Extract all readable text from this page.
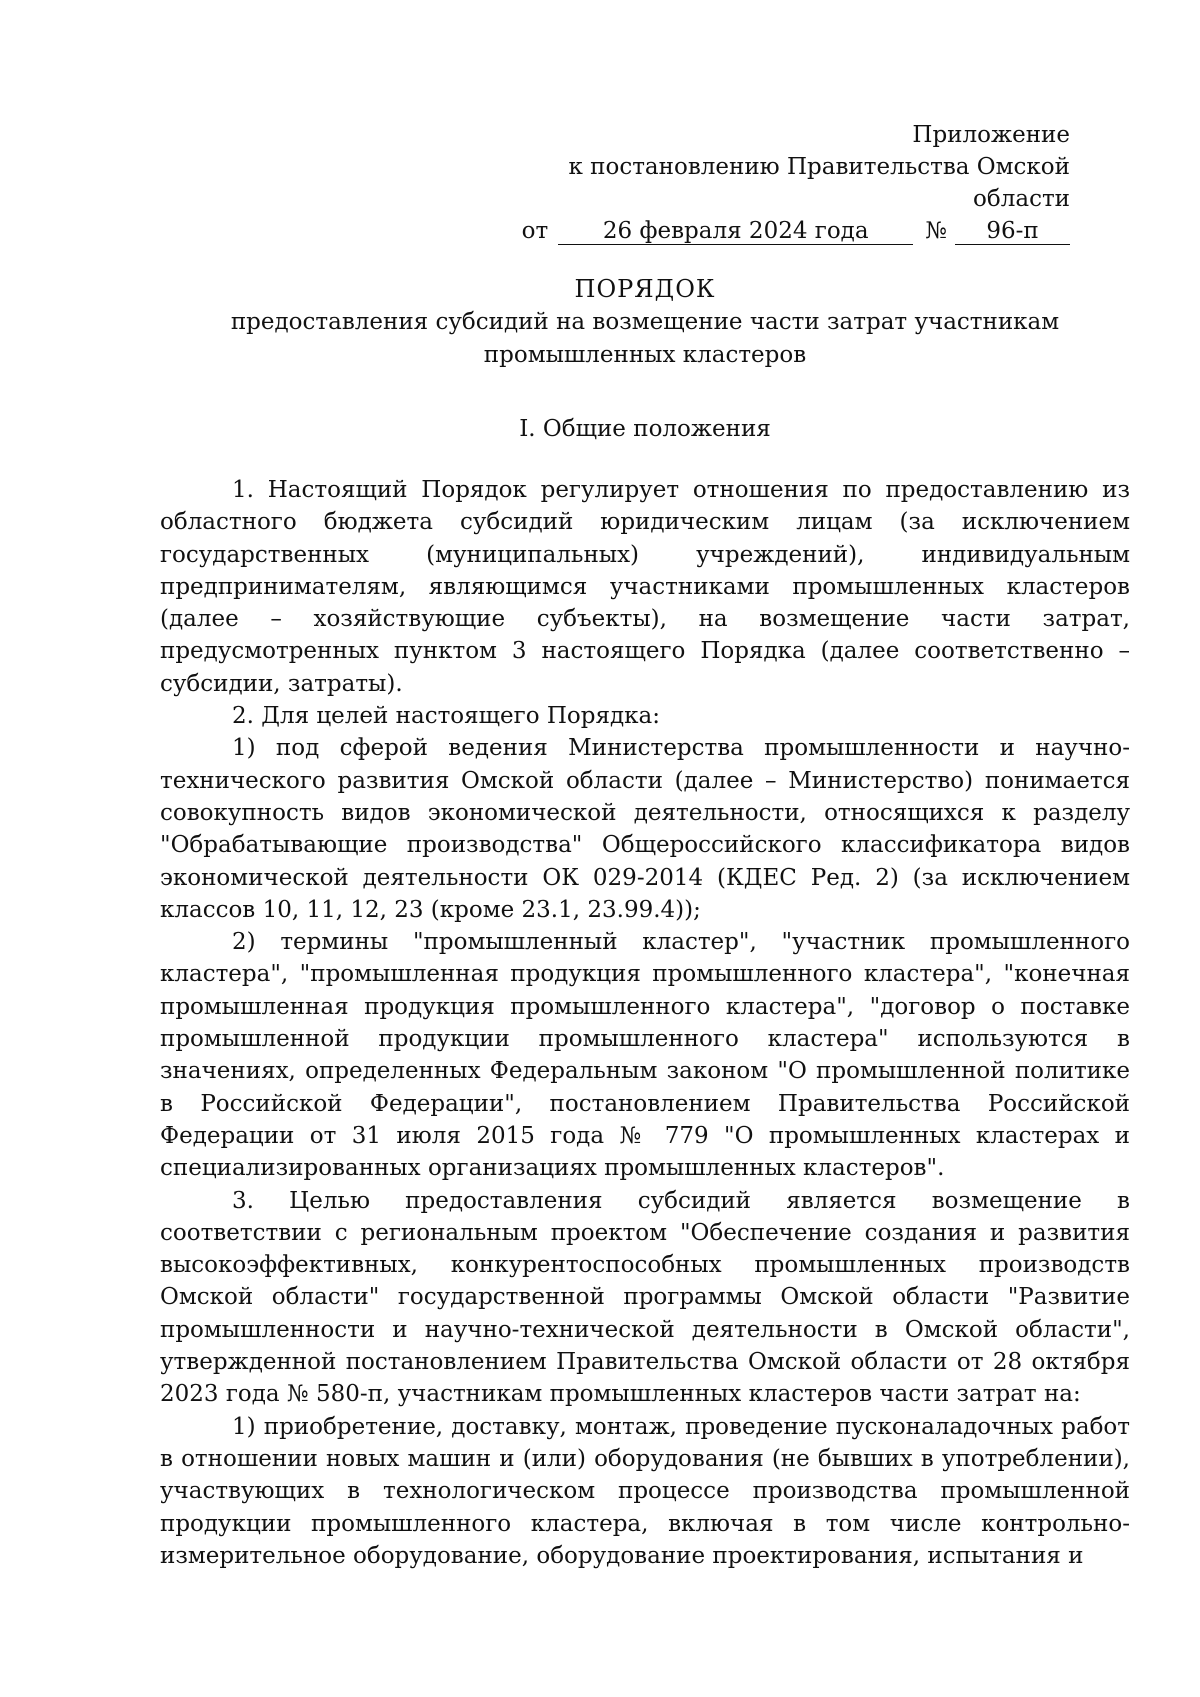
Приложение
к постановлению Правительства Омской области
от	26 февраля 2024 года	№	96-п
ПОРЯДОК
предоставления субсидий на возмещение части затрат участникам промышленных кластеров
I. Общие положения

1. Настоящий Порядок регулирует отношения по предоставлению из областного бюджета субсидий юридическим лицам (за исключением государственных (муниципальных) учреждений), индивидуальным предпринимателям, являющимся участниками промышленных кластеров (далее – хозяйствующие субъекты), на возмещение части затрат, предусмотренных пунктом 3 настоящего Порядка (далее соответственно – субсидии, затраты).

2. Для целей настоящего Порядка:

1) под сферой ведения Министерства промышленности и научно-технического развития Омской области (далее – Министерство) понимается совокупность видов экономической деятельности, относящихся к разделу "Обрабатывающие производства" Общероссийского классификатора видов экономической деятельности ОК 029-2014 (КДЕС Ред. 2) (за исключением классов 10, 11, 12, 23 (кроме 23.1, 23.99.4));

2) термины "промышленный кластер", "участник промышленного кластера", "промышленная продукция промышленного кластера", "конечная промышленная продукция промышленного кластера", "договор о поставке промышленной продукции промышленного кластера" используются в значениях, определенных Федеральным законом "О промышленной политике в Российской Федерации", постановлением Правительства Российской Федерации от 31 июля 2015 года № 779 "О промышленных кластерах и специализированных организациях промышленных кластеров".

3. Целью предоставления субсидий является возмещение в соответствии с региональным проектом "Обеспечение создания и развития высокоэффективных, конкурентоспособных промышленных производств Омской области" государственной программы Омской области "Развитие промышленности и научно-технической деятельности в Омской области", утвержденной постановлением Правительства Омской области от 28 октября 2023 года № 580-п, участникам промышленных кластеров части затрат на:

1) приобретение, доставку, монтаж, проведение пусконаладочных работ в отношении новых машин и (или) оборудования (не бывших в употреблении), участвующих в технологическом процессе производства промышленной продукции промышленного кластера, включая в том числе контрольно-измерительное оборудование, оборудование проектирования, испытания и
